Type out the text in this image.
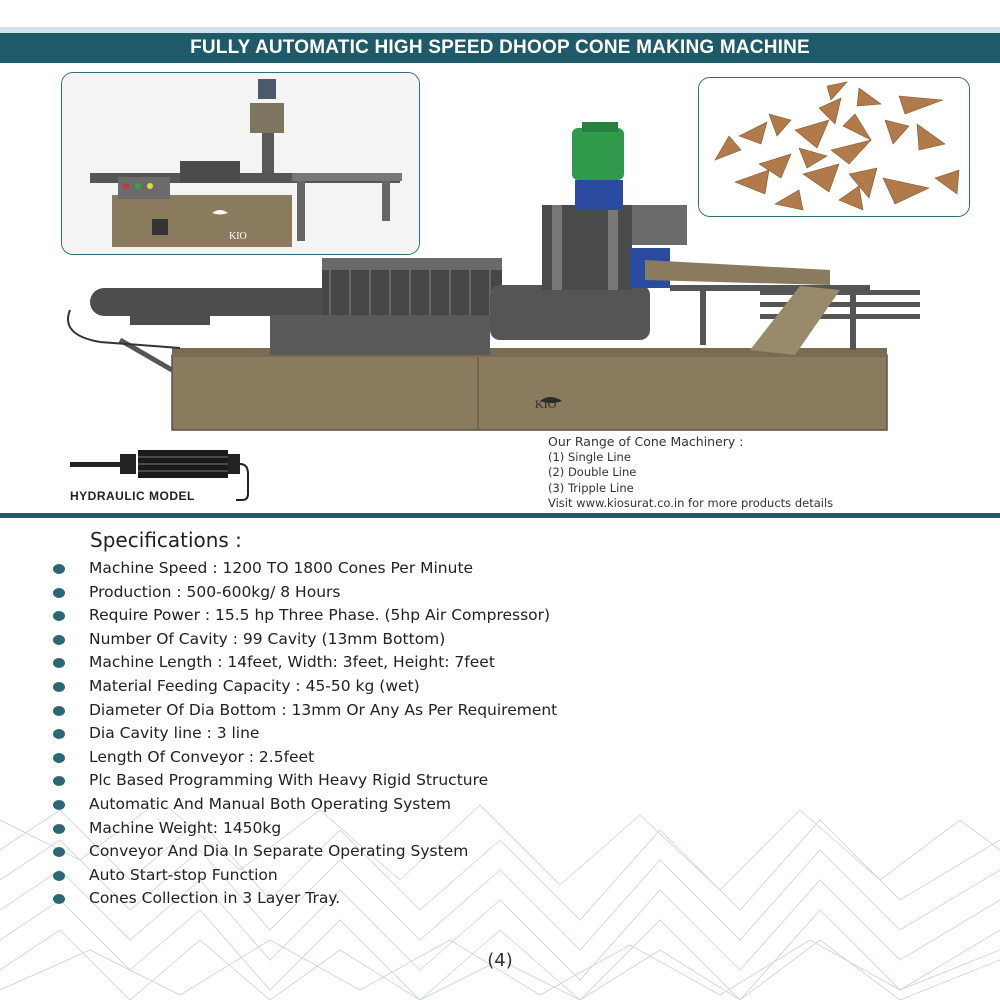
FULLY AUTOMATIC HIGH SPEED DHOOP CONE MAKING MACHINE
KIO
KIO
HYDRAULIC MODEL
Our Range of Cone Machinery :
(1) Single Line
(2) Double Line
(3) Tripple Line
Visit www.kiosurat.co.in for more products details
Specifications :
Machine Speed : 1200 TO 1800 Cones Per Minute
Production : 500-600kg/ 8 Hours
Require Power : 15.5 hp Three Phase. (5hp Air Compressor)
Number Of Cavity : 99 Cavity (13mm Bottom)
Machine Length : 14feet, Width: 3feet, Height: 7feet
Material Feeding Capacity : 45-50 kg (wet)
Diameter Of Dia Bottom : 13mm Or Any As Per Requirement
Dia Cavity line : 3 line
Length Of Conveyor : 2.5feet
Plc Based Programming With Heavy Rigid Structure
Automatic And Manual Both Operating System
Machine Weight: 1450kg
Conveyor And Dia In Separate Operating System
Auto Start-stop Function
Cones Collection in 3 Layer Tray.
(4)
